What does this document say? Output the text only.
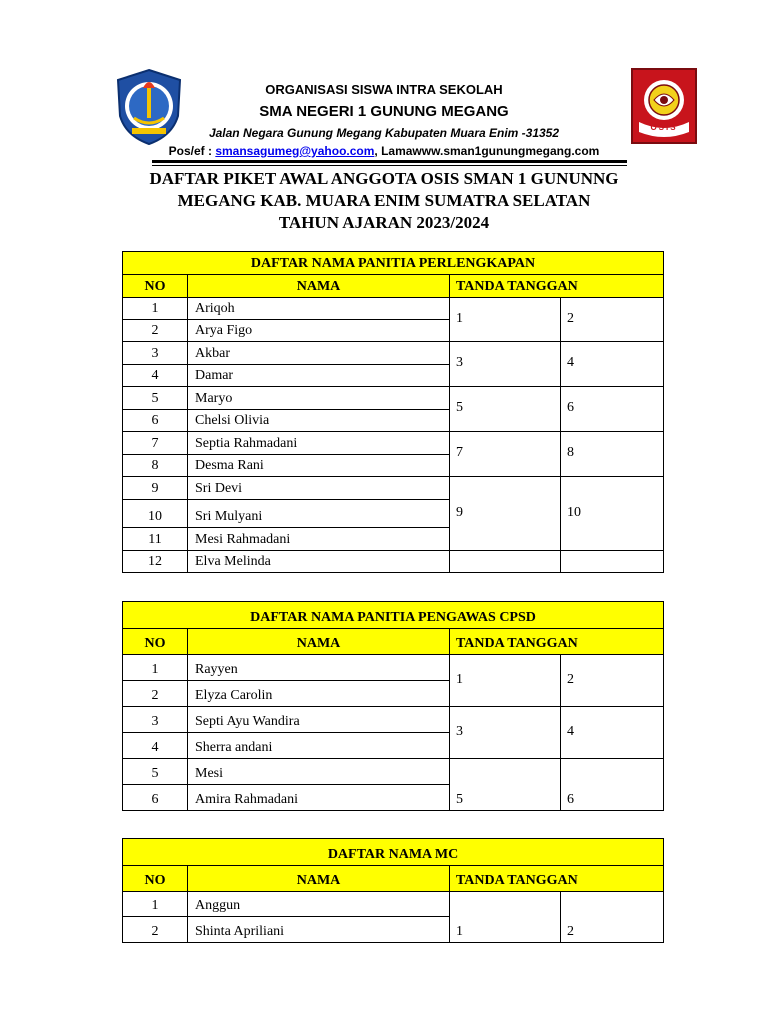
OSIS
ORGANISASI SISWA INTRA SEKOLAH
SMA NEGERI 1 GUNUNG MEGANG
Jalan Negara Gunung Megang Kabupaten Muara Enim -31352
Pos/ef : smansagumeg@yahoo.com, Lamawww.sman1gunungmegang.com
DAFTAR PIKET AWAL ANGGOTA OSIS SMAN 1 GUNUNNG
MEGANG KAB. MUARA ENIM SUMATRA SELATAN
TAHUN AJARAN 2023/2024
DAFTAR NAMA PANITIA PERLENGKAPAN			
NO	NAMA	TANDA TANGGAN	
1	Ariqoh	1	2
2	Arya Figo		
3	Akbar	3	4
4	Damar		
5	Maryo	5	6
6	Chelsi Olivia		
7	Septia Rahmadani	7	8
8	Desma Rani		
9	Sri Devi	9	10
10	Sri Mulyani		
11	Mesi Rahmadani		
12	Elva Melinda		
DAFTAR NAMA PANITIA PENGAWAS CPSD			
NO	NAMA	TANDA TANGGAN	
1	Rayyen	1	2
2	Elyza Carolin		
3	Septi Ayu Wandira	3	4
4	Sherra andani		
5	Mesi	5	6
6	Amira Rahmadani		
DAFTAR NAMA MC			
NO	NAMA	TANDA TANGGAN	
1	Anggun	1	2
2	Shinta Apriliani		
